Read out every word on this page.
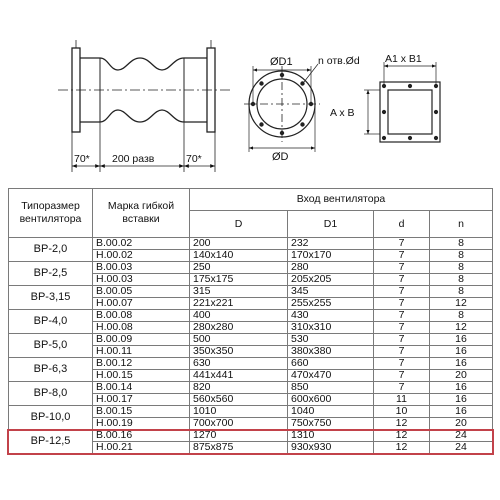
70* 200 разв	70*
ØD1
ØD
n отв.Ød A1 x B1
A x B
Типоразмер вентилятора	Марка гибкой вставки	Вход вентилятора			
		D	D1	d	n
ВР-2,0	В.00.02	200	232	7	8
	Н.00.02	140x140	170x170	7	8
ВР-2,5	В.00.03	250	280	7	8
	Н.00.03	175x175	205x205	7	8
ВР-3,15	В.00.05	315	345	7	8
	Н.00.07	221x221	255x255	7	12
ВР-4,0	В.00.08	400	430	7	8
	Н.00.08	280x280	310x310	7	12
ВР-5,0	В.00.09	500	530	7	16
	Н.00.11	350x350	380x380	7	16
ВР-6,3	В.00.12	630	660	7	16
	Н.00.15	441x441	470x470	7	20
ВР-8,0	В.00.14	820	850	7	16
	Н.00.17	560x560	600x600	11	16
ВР-10,0	В.00.15	1010	1040	10	16
	Н.00.19	700x700	750x750	12	20
ВР-12,5	В.00.16	1270	1310	12	24
	Н.00.21	875x875	930x930	12	24
